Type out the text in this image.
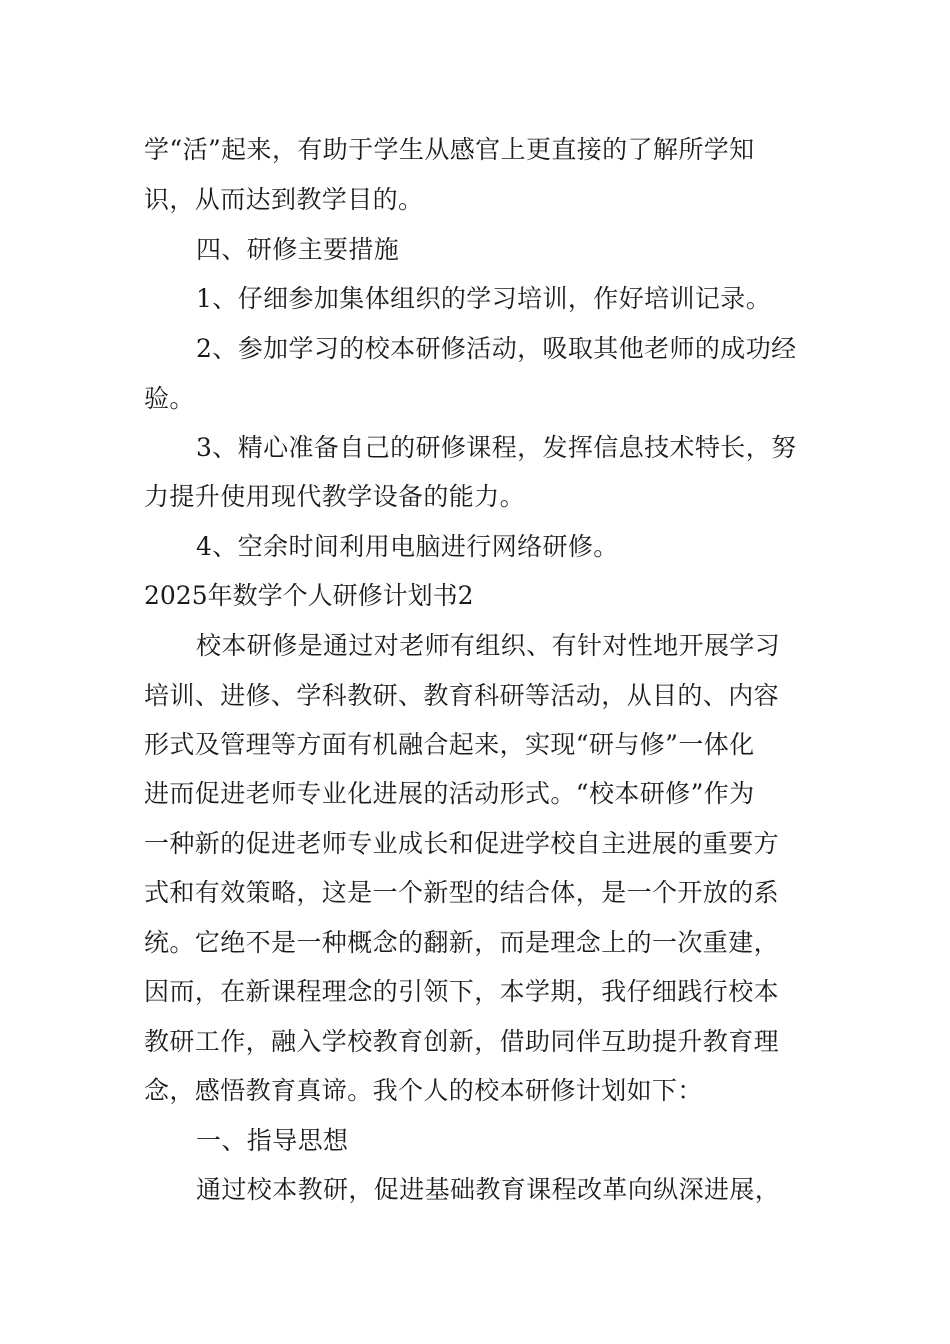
学“活”起来，有助于学生从感官上更直接的了解所学知
识，从而达到教学目的。
四、研修主要措施
1、仔细参加集体组织的学习培训，作好培训记录。
2、参加学习的校本研修活动，吸取其他老师的成功经
验。
3、精心准备自己的研修课程，发挥信息技术特长，努
力提升使用现代教学设备的能力。
4、空余时间利用电脑进行网络研修。
2025年数学个人研修计划书2
校本研修是通过对老师有组织、有针对性地开展学习
培训、进修、学科教研、教育科研等活动，从目的、内容
形式及管理等方面有机融合起来，实现“研与修”一体化
进而促进老师专业化进展的活动形式。“校本研修”作为
一种新的促进老师专业成长和促进学校自主进展的重要方
式和有效策略，这是一个新型的结合体，是一个开放的系
统。它绝不是一种概念的翻新，而是理念上的一次重建，
因而，在新课程理念的引领下，本学期，我仔细践行校本
教研工作，融入学校教育创新，借助同伴互助提升教育理
念，感悟教育真谛。我个人的校本研修计划如下：
一、指导思想
通过校本教研，促进基础教育课程改革向纵深进展，
